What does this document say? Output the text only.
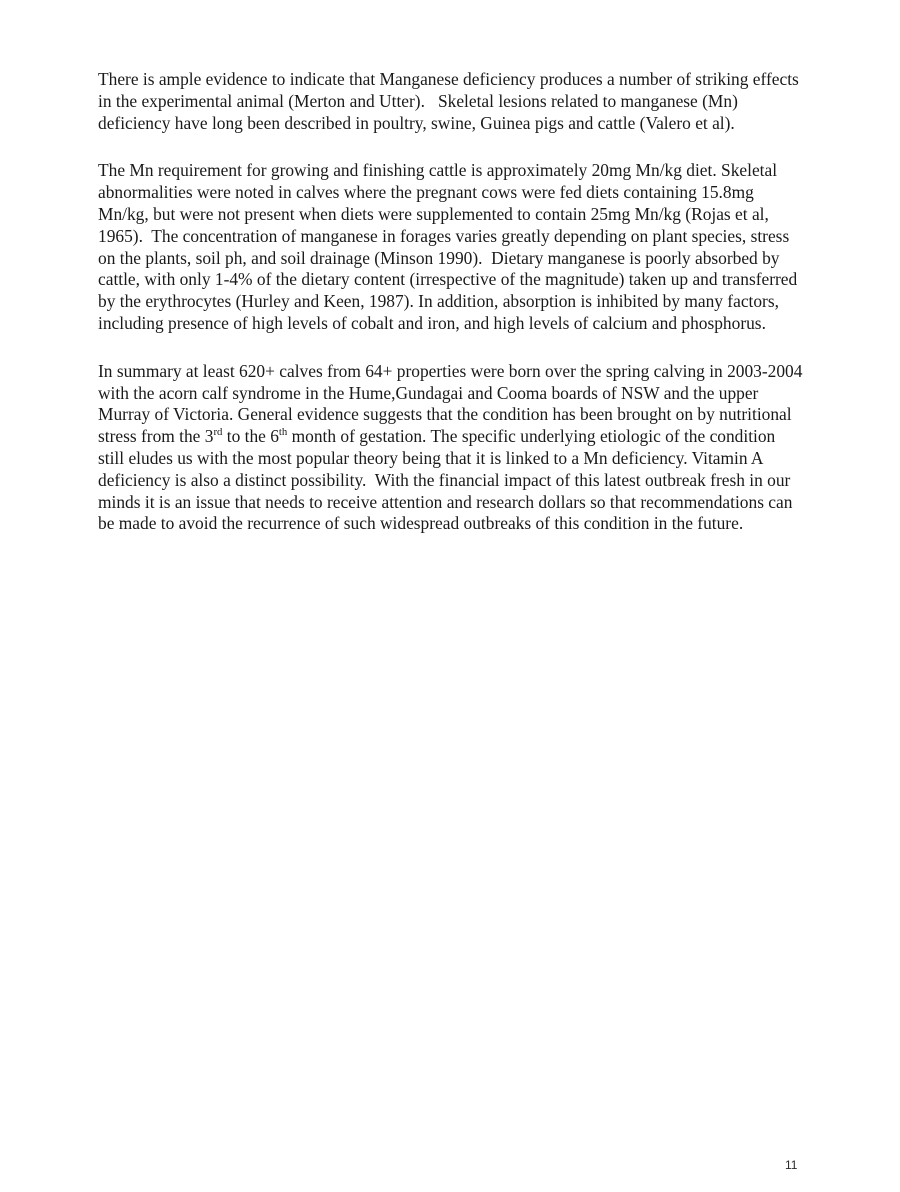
There is ample evidence to indicate that Manganese deficiency produces a number of striking effects in the experimental animal (Merton and Utter).   Skeletal lesions related to manganese (Mn) deficiency have long been described in poultry, swine, Guinea pigs and cattle (Valero et al).

The Mn requirement for growing and finishing cattle is approximately 20mg Mn/kg diet. Skeletal abnormalities were noted in calves where the pregnant cows were fed diets containing 15.8mg Mn/kg, but were not present when diets were supplemented to contain 25mg Mn/kg (Rojas et al, 1965).  The concentration of manganese in forages varies greatly depending on plant species, stress on the plants, soil ph, and soil drainage (Minson 1990).  Dietary manganese is poorly absorbed by cattle, with only 1-4% of the dietary content (irrespective of the magnitude) taken up and transferred by the erythrocytes (Hurley and Keen, 1987). In addition, absorption is inhibited by many factors, including presence of high levels of cobalt and iron, and high levels of calcium and phosphorus.

In summary at least 620+ calves from 64+ properties were born over the spring calving in 2003-2004 with the acorn calf syndrome in the Hume,Gundagai and Cooma boards of NSW and the upper Murray of Victoria. General evidence suggests that the condition has been brought on by nutritional stress from the 3rd to the 6th month of gestation. The specific underlying etiologic of the condition still eludes us with the most popular theory being that it is linked to a Mn deficiency. Vitamin A deficiency is also a distinct possibility.  With the financial impact of this latest outbreak fresh in our minds it is an issue that needs to receive attention and research dollars so that recommendations can be made to avoid the recurrence of such widespread outbreaks of this condition in the future.

11
